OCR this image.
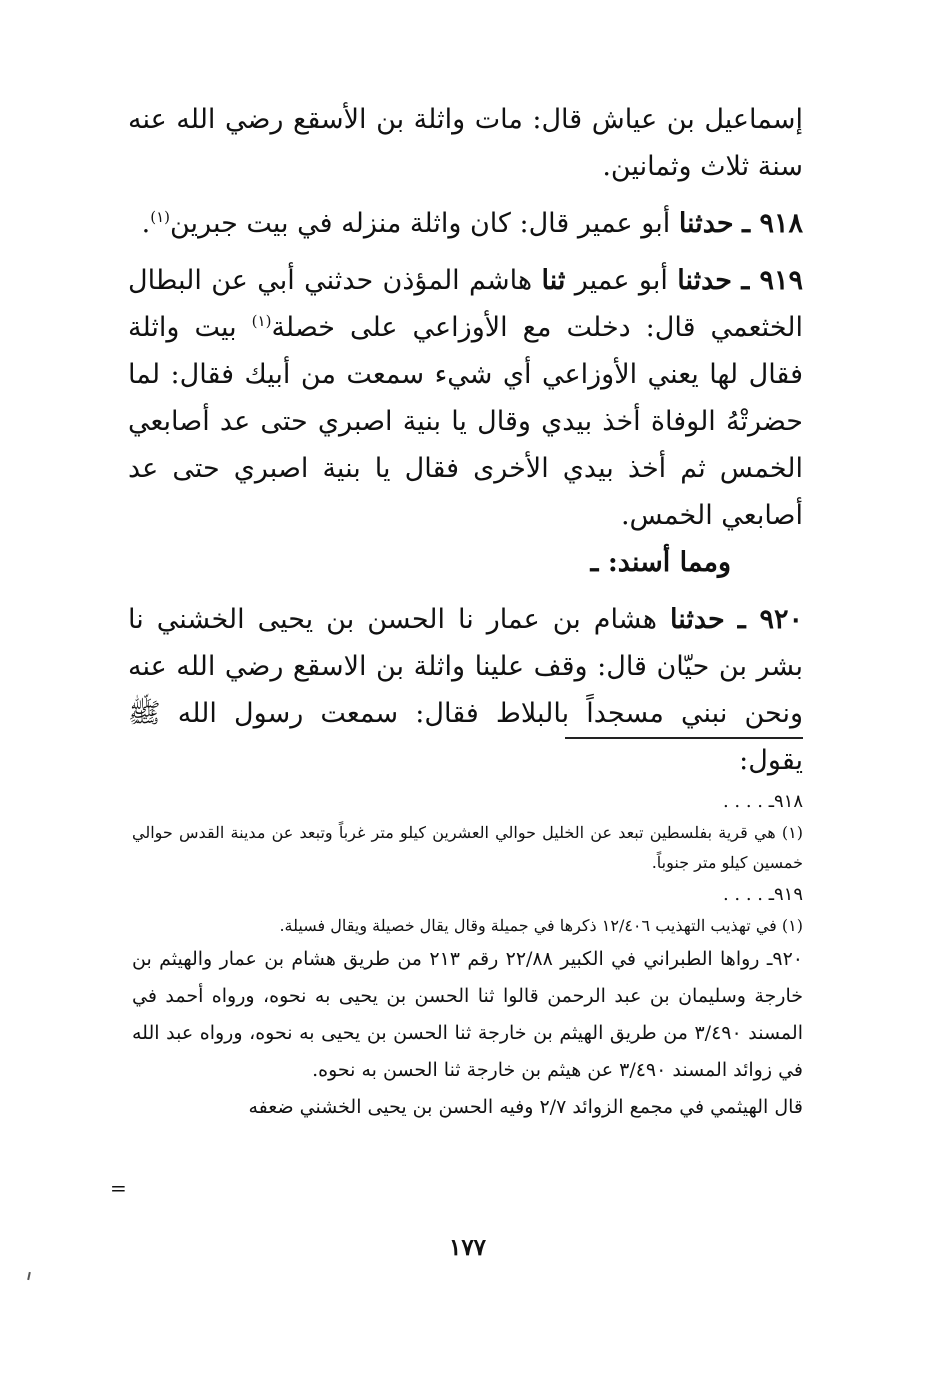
إسماعيل بن عياش قال: مات واثلة بن الأسقع رضي الله عنه سنة ثلاث وثمانين.

٩١٨ ـ حدثنا أبو عمير قال: كان واثلة منزله في بيت جبرين$^{(١)}$.

٩١٩ ـ حدثنا أبو عمير ثنا هاشم المؤذن حدثني أبي عن البطال الخثعمي قال: دخلت مع الأوزاعي على خصلة$^{(١)}$ بيت واثلة فقال لها يعني الأوزاعي أي شيء سمعت من أبيك فقال: لما حضرتْهُ الوفاة أخذ بيدي وقال يا بنية اصبري حتى عد أصابعي الخمس ثم أخذ بيدي الأخرى فقال يا بنية اصبري حتى عد أصابعي الخمس.

ومما أسند: ـ

٩٢٠ ـ حدثنا هشام بن عمار نا الحسن بن يحيى الخشني نا بشر بن حيّان قال: وقف علينا واثلة بن الاسقع رضي الله عنه ونحن نبني مسجداً بالبلاط فقال: سمعت رسول الله ﷺ يقول:

٩١٨ـ . . . .

(١) هي قرية بفلسطين تبعد عن الخليل حوالي العشرين كيلو متر غرباً وتبعد عن مدينة القدس حوالي خمسين كيلو متر جنوباً.

٩١٩ـ . . . .

(١) في تهذيب التهذيب ١٢/٤٠٦ ذكرها في جميلة وقال يقال خصيلة ويقال فسيلة.

٩٢٠ـ رواها الطبراني في الكبير ٢٢/٨٨ رقم ٢١٣ من طريق هشام بن عمار والهيثم بن خارجة وسليمان بن عبد الرحمن قالوا ثنا الحسن بن يحيى به نحوه، ورواه أحمد في المسند ٣/٤٩٠ من طريق الهيثم بن خارجة ثنا الحسن بن يحيى به نحوه، ورواه عبد الله في زوائد المسند ٣/٤٩٠ عن هيثم بن خارجة ثنا الحسن به نحوه.

قال الهيثمي في مجمع الزوائد ٢/٧ وفيه الحسن بن يحيى الخشني ضعفه

=
١٧٧
